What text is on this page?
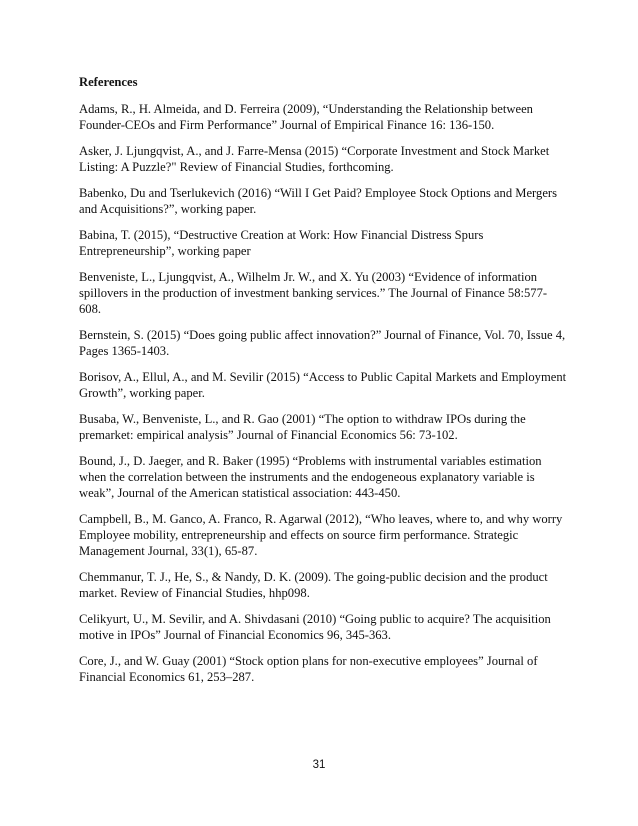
References

Adams, R., H. Almeida, and D. Ferreira (2009), “Understanding the Relationship between Founder-CEOs and Firm Performance” Journal of Empirical Finance 16: 136-150.

Asker, J. Ljungqvist, A., and J. Farre-Mensa (2015) “Corporate Investment and Stock Market Listing: A Puzzle?" Review of Financial Studies, forthcoming.

Babenko, Du and Tserlukevich (2016) “Will I Get Paid? Employee Stock Options and Mergers and Acquisitions?”, working paper.

Babina, T. (2015), “Destructive Creation at Work: How Financial Distress Spurs Entrepreneurship”, working paper

Benveniste, L., Ljungqvist, A., Wilhelm Jr. W., and X. Yu (2003) “Evidence of information spillovers in the production of investment banking services.” The Journal of Finance 58:577-608.

Bernstein, S. (2015) “Does going public affect innovation?” Journal of Finance, Vol. 70, Issue 4, Pages 1365-1403.

Borisov, A., Ellul, A., and M. Sevilir (2015) “Access to Public Capital Markets and Employment Growth”, working paper.

Busaba, W., Benveniste, L., and R. Gao (2001) “The option to withdraw IPOs during the premarket: empirical analysis” Journal of Financial Economics 56: 73-102.

Bound, J., D. Jaeger, and R. Baker (1995) “Problems with instrumental variables estimation when the correlation between the instruments and the endogeneous explanatory variable is weak”, Journal of the American statistical association: 443-450.

Campbell, B., M. Ganco, A. Franco, R. Agarwal (2012), “Who leaves, where to, and why worry Employee mobility, entrepreneurship and effects on source firm performance. Strategic Management Journal, 33(1), 65-87.

Chemmanur, T. J., He, S., & Nandy, D. K. (2009). The going-public decision and the product market. Review of Financial Studies, hhp098.

Celikyurt, U., M. Sevilir, and A. Shivdasani (2010) “Going public to acquire? The acquisition motive in IPOs” Journal of Financial Economics 96, 345-363.

Core, J., and W. Guay (2001) “Stock option plans for non-executive employees” Journal of Financial Economics 61, 253–287.

31
